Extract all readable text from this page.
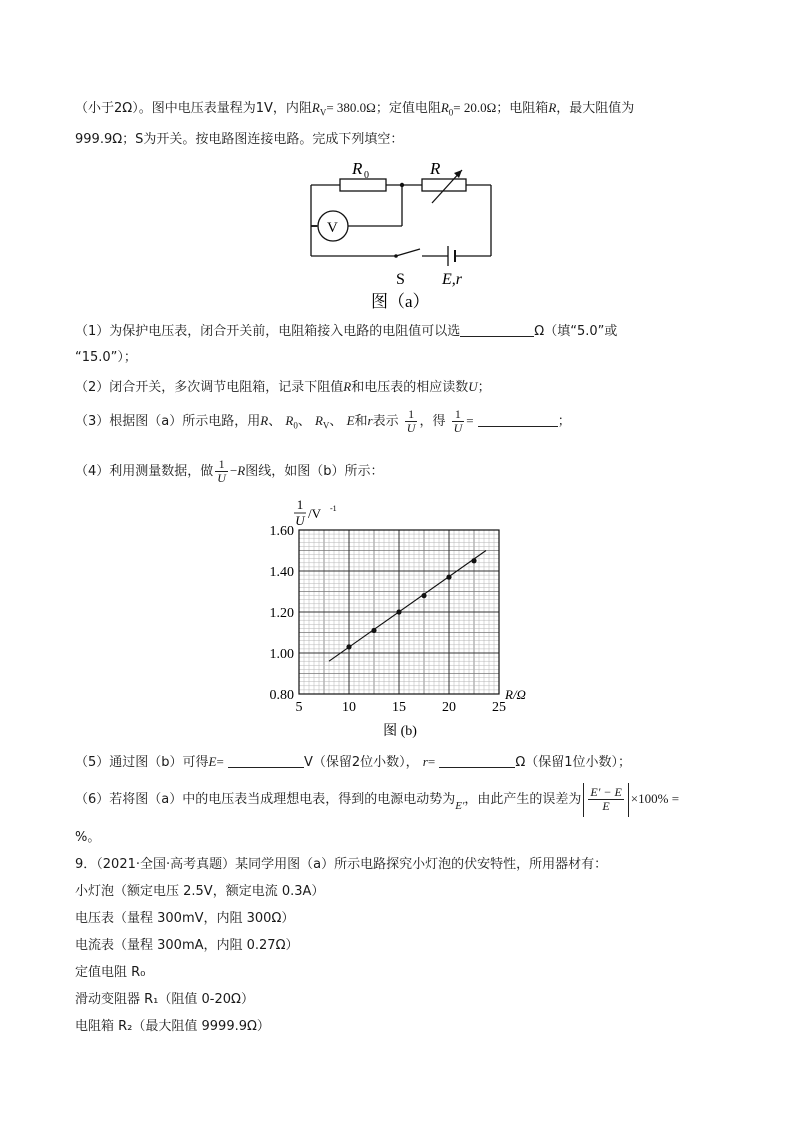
（小于2Ω）。图中电压表量程为1V，内阻$R_V= 380.0\Omega$；定值电阻$R_0= 20.0\Omega$；电阻箱R，最大阻值为
999.9Ω；S为开关。按电路图连接电路。完成下列填空：
R 0	R
V
S E,r
图（a）
（1）为保护电压表，闭合开关前，电阻箱接入电路的电阻值可以选	Ω（填“5.0”或
“15.0”）；
（2）闭合开关，多次调节电阻箱，记录下阻值R和电压表的相应读数U；
（3）根据图（a）所示电路，用R、 $R_0$、 $R_V$、 E和r表示 $\frac{1}{U}$ ，得 $\frac{1}{U}$ =	；
（4）利用测量数据，做 $\frac{1}{U} -R$图线，如图（b）所示：
5	10	15	20	25
0.80
1.00
1.20
1.40
1.60
1
U /V -1
R/Ω
图 (b)
（5）通过图（b）可得E=	V（保留2位小数）， r=	Ω（保留1位小数）；
（6）若将图（a）中的电压表当成理想电表，得到的电源电动势为$_{E'}$，由此产生的误差为 $\frac{E' - E}{E} \times 100\%$ =
%。
9．（2021·全国·高考真题）某同学用图（a）所示电路探究小灯泡的伏安特性，所用器材有：
小灯泡（额定电压 2.5V，额定电流 0.3A）
电压表（量程 300mV，内阻 300Ω）
电流表（量程 300mA，内阻 0.27Ω）
定值电阻 R₀
滑动变阻器 R₁（阻值 0-20Ω）
电阻箱 R₂（最大阻值 9999.9Ω）
